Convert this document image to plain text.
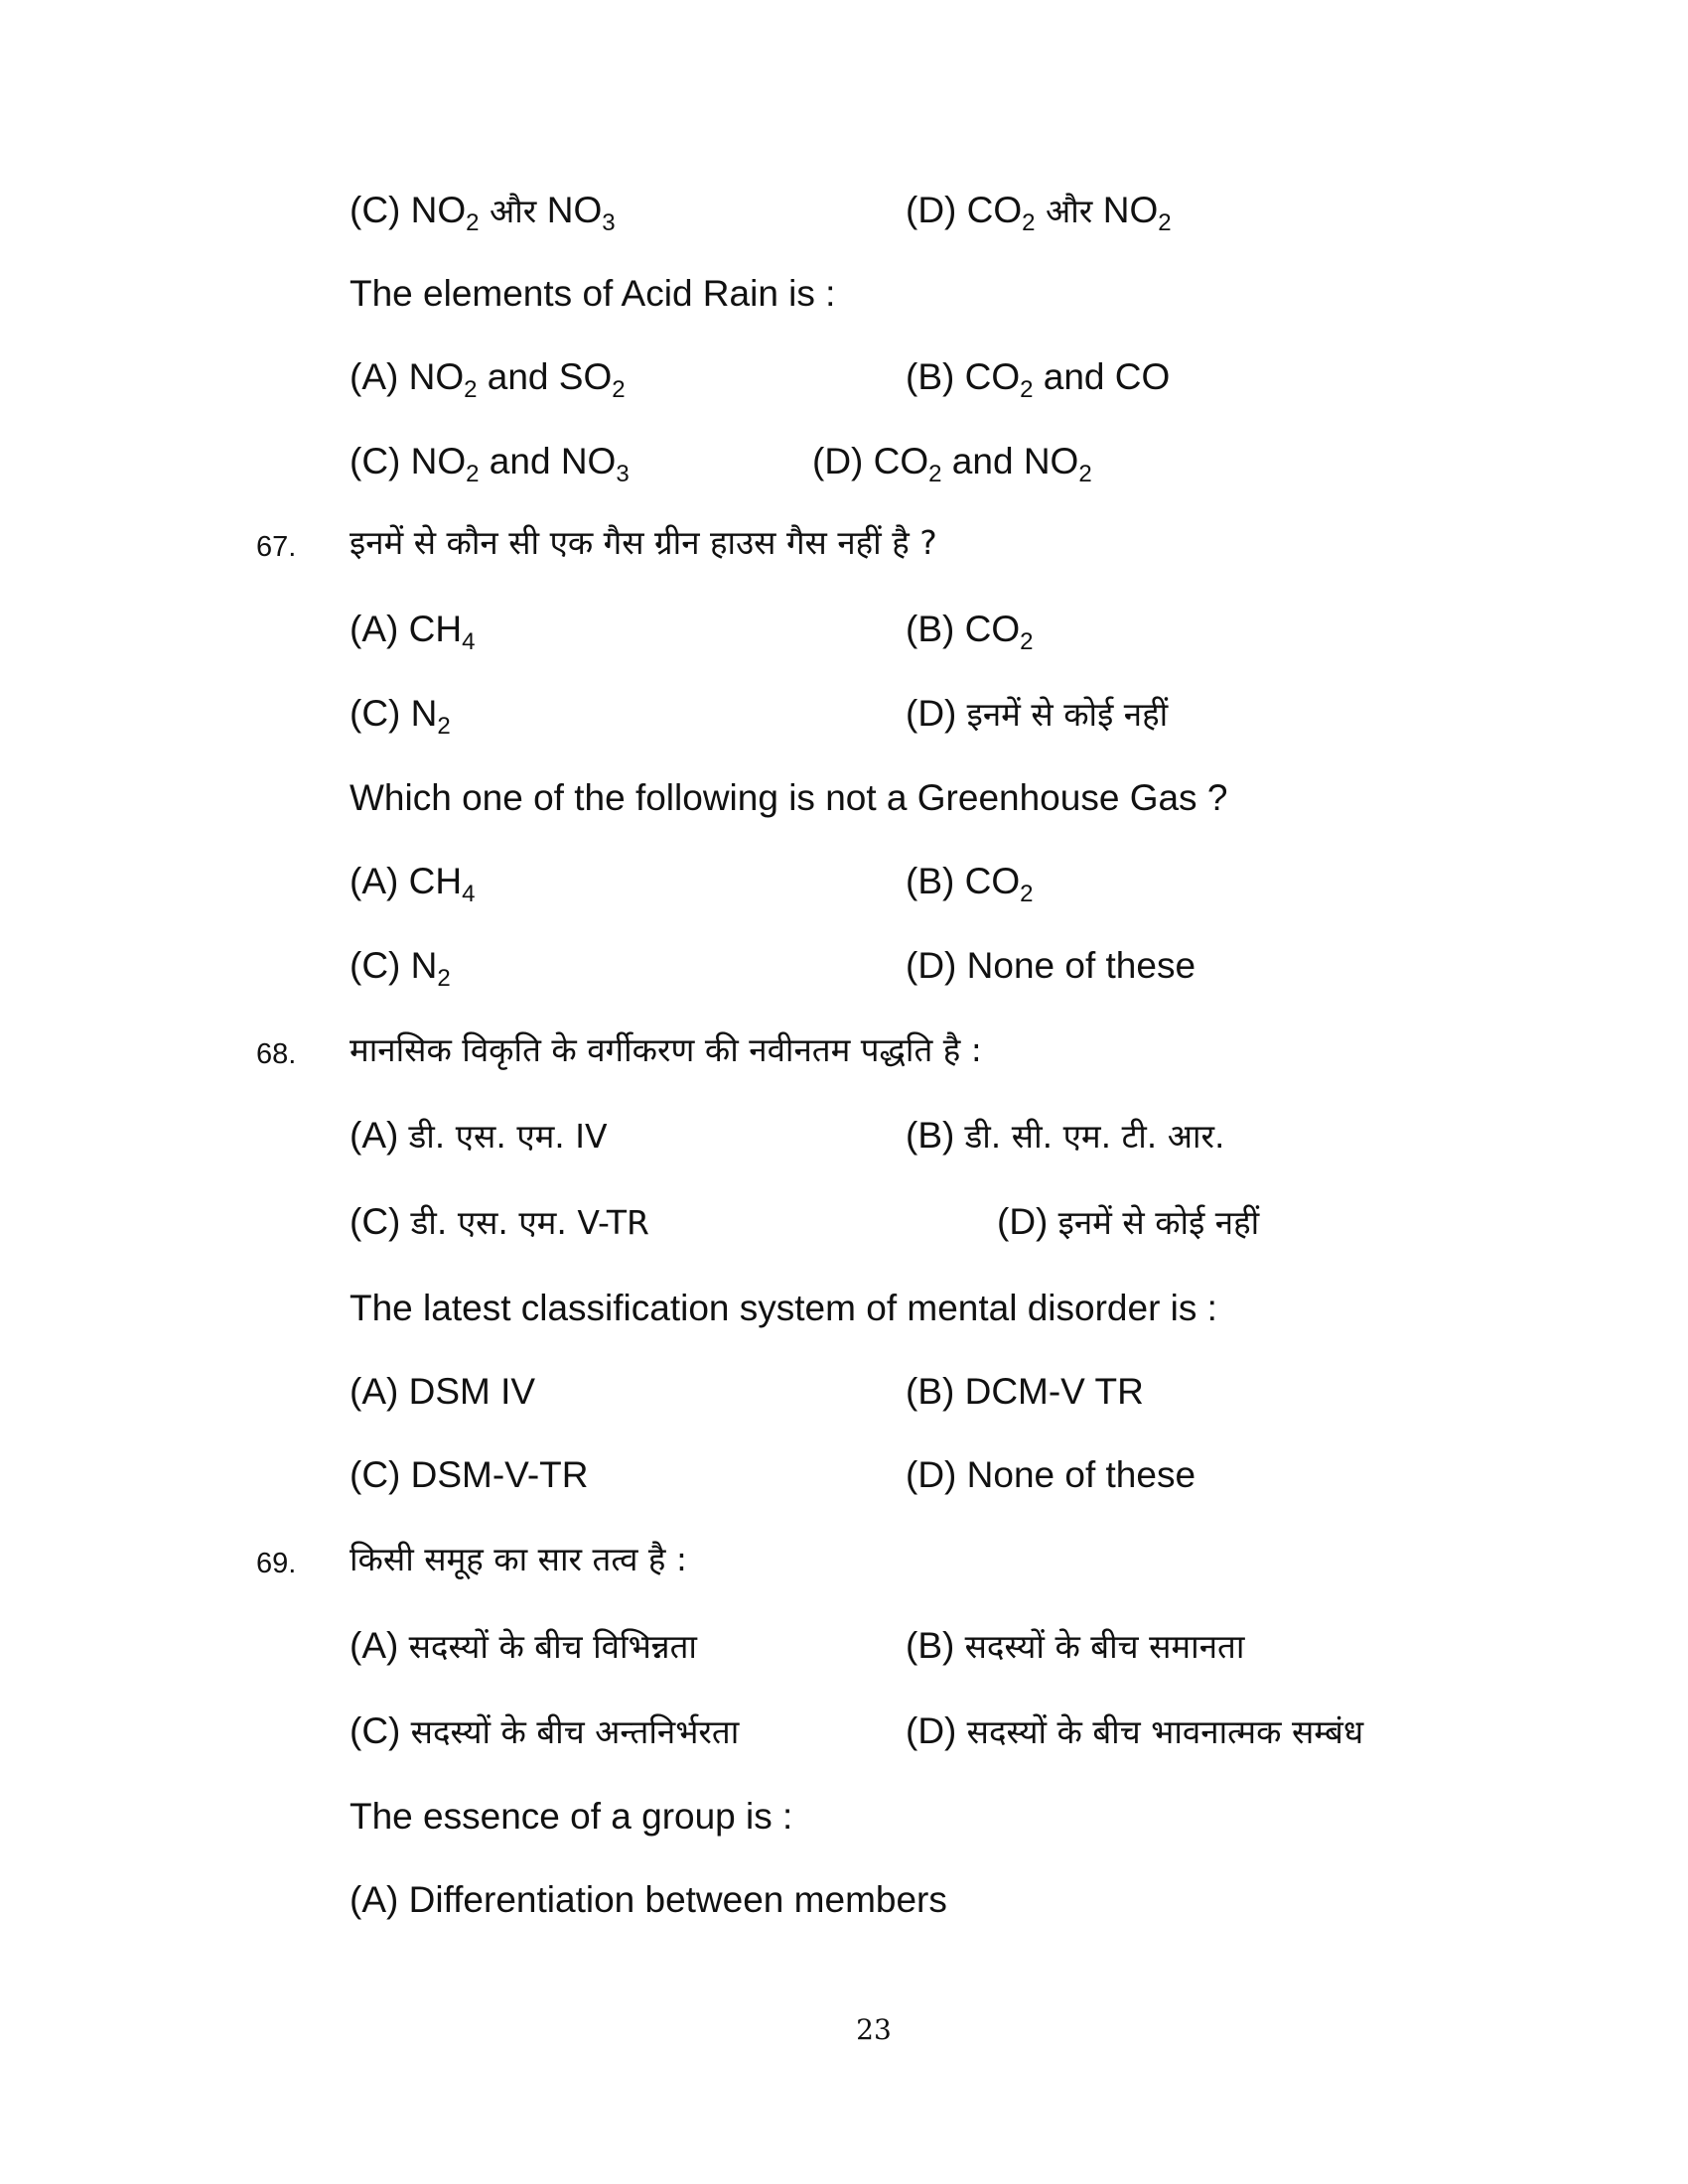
(C) $NO_2$ और $NO_3$	(D) $CO_2$ और $NO_2$
The elements of Acid Rain is :
(A) $NO_2$ and $SO_2$	(B) $CO_2$ and CO
(C) $NO_2$ and $NO_3$	(D) $CO_2$ and $NO_2$
67. इनमें से कौन सी एक गैस ग्रीन हाउस गैस नहीं है ?
(A) $CH_4$	(B) $CO_2$
(C) $N_2$	(D) इनमें से कोई नहीं
Which one of the following is not a Greenhouse Gas ?
(A) $CH_4$	(B) $CO_2$
(C) $N_2$	(D) None of these
68. मानसिक विकृति के वर्गीकरण की नवीनतम पद्धति है :
(A) डी. एस. एम. IV	(B) डी. सी. एम. टी. आर.
(C) डी. एस. एम. V-TR	(D) इनमें से कोई नहीं
The latest classification system of mental disorder is :
(A) DSM IV	(B) DCM-V TR
(C) DSM-V-TR	(D) None of these
69. किसी समूह का सार तत्व है :
(A) सदस्यों के बीच विभिन्नता	(B) सदस्यों के बीच समानता
(C) सदस्यों के बीच अन्तनिर्भरता	(D) सदस्यों के बीच भावनात्मक सम्बंध
The essence of a group is :
(A) Differentiation between members
23
